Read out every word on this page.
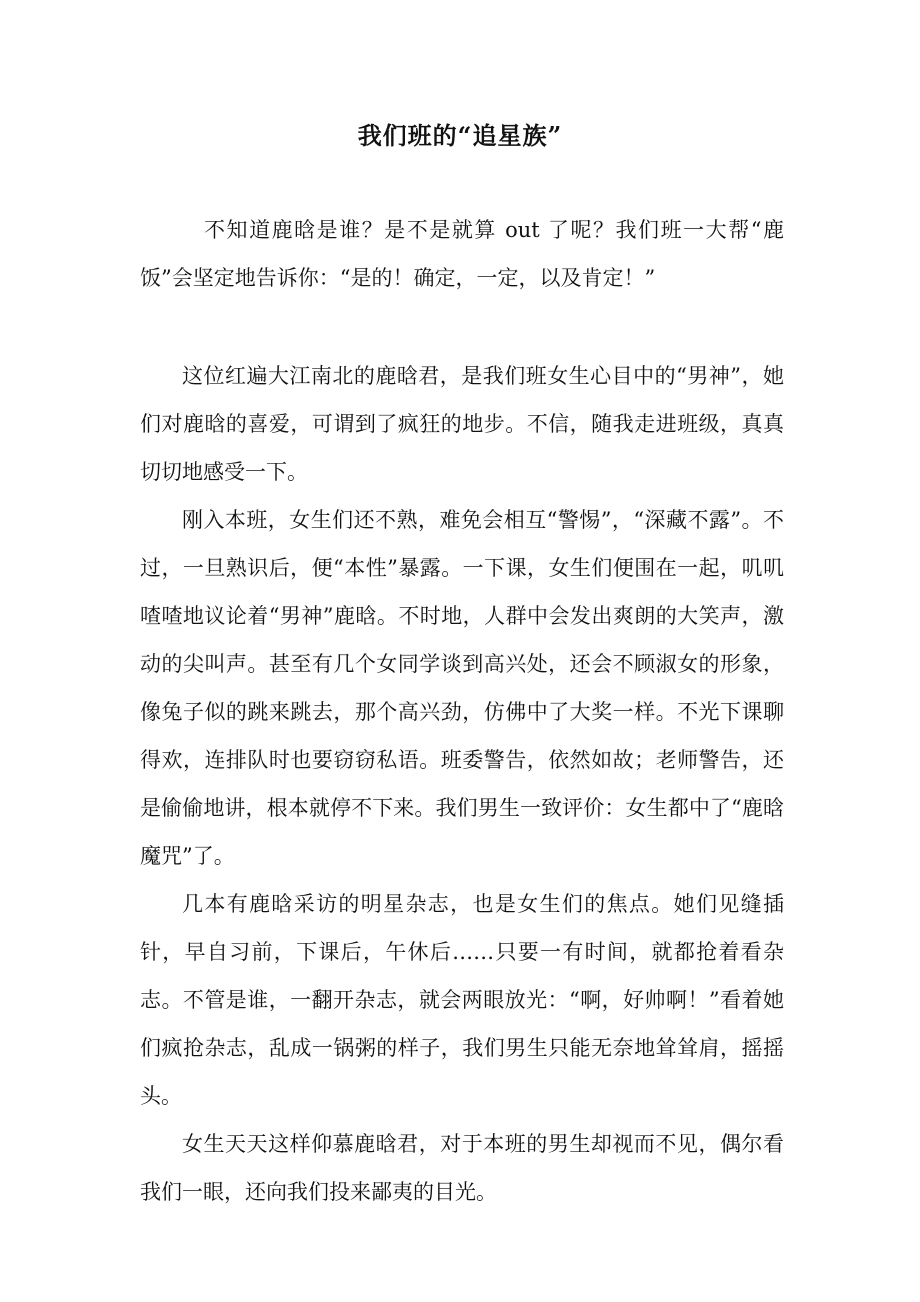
我们班的“追星族”

不知道鹿晗是谁？是不是就算 out 了呢？我们班一大帮“鹿饭”会坚定地告诉你：“是的！确定，一定，以及肯定！”

这位红遍大江南北的鹿晗君，是我们班女生心目中的“男神”，她们对鹿晗的喜爱，可谓到了疯狂的地步。不信，随我走进班级，真真切切地感受一下。

刚入本班，女生们还不熟，难免会相互“警惕”，“深藏不露”。不过，一旦熟识后，便“本性”暴露。一下课，女生们便围在一起，叽叽喳喳地议论着“男神”鹿晗。不时地，人群中会发出爽朗的大笑声，激动的尖叫声。甚至有几个女同学谈到高兴处，还会不顾淑女的形象，像兔子似的跳来跳去，那个高兴劲，仿佛中了大奖一样。不光下课聊得欢，连排队时也要窃窃私语。班委警告，依然如故；老师警告，还是偷偷地讲，根本就停不下来。我们男生一致评价：女生都中了“鹿晗魔咒”了。

几本有鹿晗采访的明星杂志，也是女生们的焦点。她们见缝插针，早自习前，下课后，午休后……只要一有时间，就都抢着看杂志。不管是谁，一翻开杂志，就会两眼放光：“啊，好帅啊！”看着她们疯抢杂志，乱成一锅粥的样子，我们男生只能无奈地耸耸肩，摇摇头。

女生天天这样仰慕鹿晗君，对于本班的男生却视而不见，偶尔看我们一眼，还向我们投来鄙夷的目光。
